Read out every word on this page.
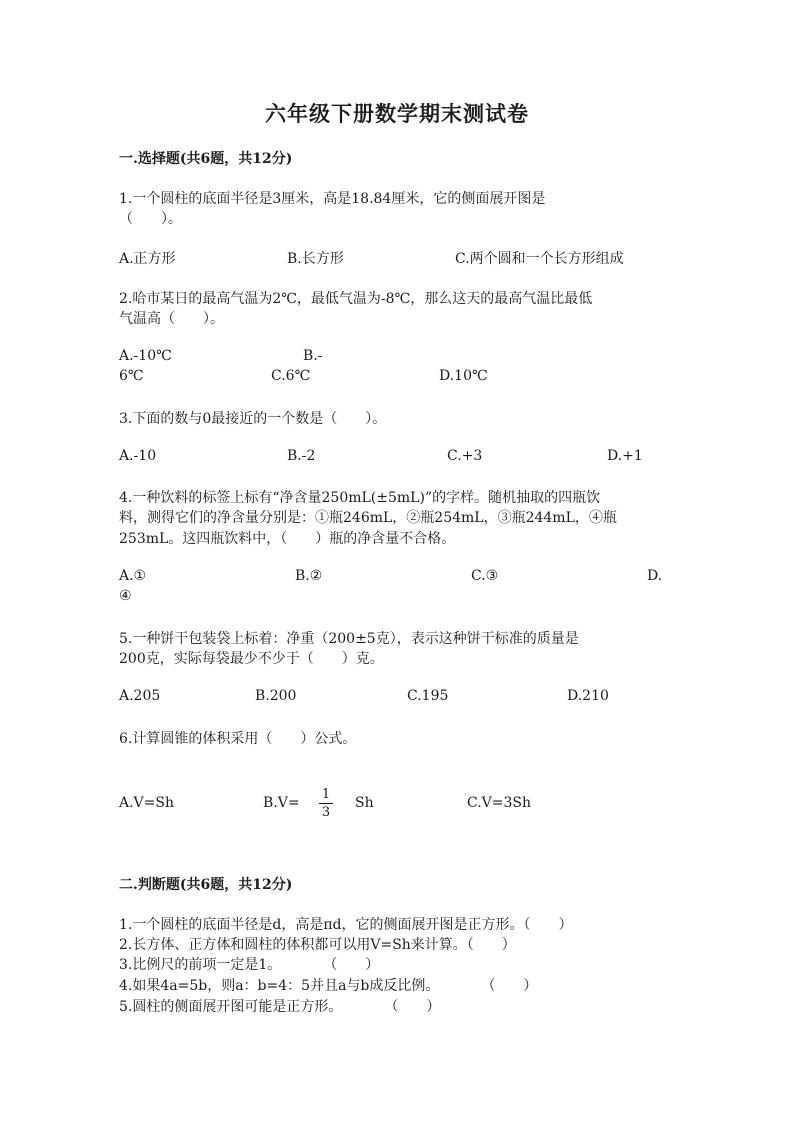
六年级下册数学期末测试卷
一.选择题(共6题，共12分)
1.一个圆柱的底面半径是3厘米，高是18.84厘米，它的侧面展开图是
（　　）。
A.正方形	B.长方形	C.两个圆和一个长方形组成
2.哈市某日的最高气温为2℃，最低气温为-8℃，那么这天的最高气温比最低
气温高（　　）。
A.-10℃	B.-
6℃	C.6℃	D.10℃
3.下面的数与0最接近的一个数是（　　）。
A.-10	B.-2	C.+3	D.+1
4.一种饮料的标签上标有“净含量250mL(±5mL)”的字样。随机抽取的四瓶饮
料，测得它们的净含量分别是：①瓶246mL，②瓶254mL，③瓶244mL，④瓶
253mL。这四瓶饮料中，（　　）瓶的净含量不合格。
A.①	B.②	C.③	D.
④
5.一种饼干包装袋上标着：净重（200±5克），表示这种饼干标准的质量是
200克，实际每袋最少不少于（　　）克。
A.205	B.200	C.195	D.210
6.计算圆锥的体积采用（　　）公式。
A.V=Sh	$B.V= \frac{1}{3}$ Sh	C.V=3Sh
二.判断题(共6题，共12分)
1.一个圆柱的底面半径是d，高是πd，它的侧面展开图是正方形。（　　）
2.长方体、正方体和圆柱的体积都可以用V=Sh来计算。（　　）
3.比例尺的前项一定是1。　　　　（　　）
4.如果4a=5b，则a：b=4：5并且a与b成反比例。　　　　（　　）
5.圆柱的侧面展开图可能是正方形。　　　　（　　）
